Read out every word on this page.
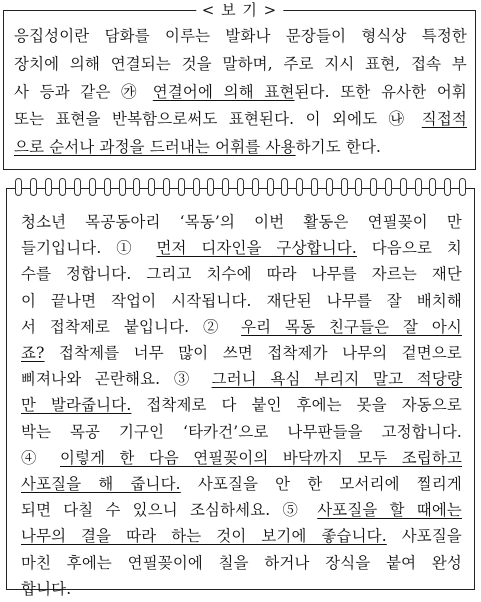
< 보 기 >
응집성이란 담화를 이루는 발화나 문장들이 형식상 특정한
장치에 의해 연결되는 것을 말하며, 주로 지시 표현, 접속 부
사 등과 같은 ㉮ 연결어에 의해 표현된다. 또한 유사한 어휘
또는 표현을 반복함으로써도 표현된다. 이 외에도 ㉯ 직접적
으로 순서나 과정을 드러내는 어휘를 사용하기도 한다.
청소년 목공동아리 ‘목동’의 이번 활동은 연필꽂이 만
들기입니다. ① 먼저 디자인을 구상합니다. 다음으로 치
수를 정합니다. 그리고 치수에 따라 나무를 자르는 재단
이 끝나면 작업이 시작됩니다. 재단된 나무를 잘 배치해
서 접착제로 붙입니다. ② 우리 목동 친구들은 잘 아시
죠? 접착제를 너무 많이 쓰면 접착제가 나무의 겉면으로
삐져나와 곤란해요. ③ 그러니 욕심 부리지 말고 적당량
만 발라줍니다. 접착제로 다 붙인 후에는 못을 자동으로
박는 목공 기구인 ‘타카건’으로 나무판들을 고정합니다.
④ 이렇게 한 다음 연필꽂이의 바닥까지 모두 조립하고
사포질을 해 줍니다. 사포질을 안 한 모서리에 찔리게
되면 다칠 수 있으니 조심하세요. ⑤ 사포질을 할 때에는
나무의 결을 따라 하는 것이 보기에 좋습니다. 사포질을
마친 후에는 연필꽂이에 칠을 하거나 장식을 붙여 완성
합니다.
